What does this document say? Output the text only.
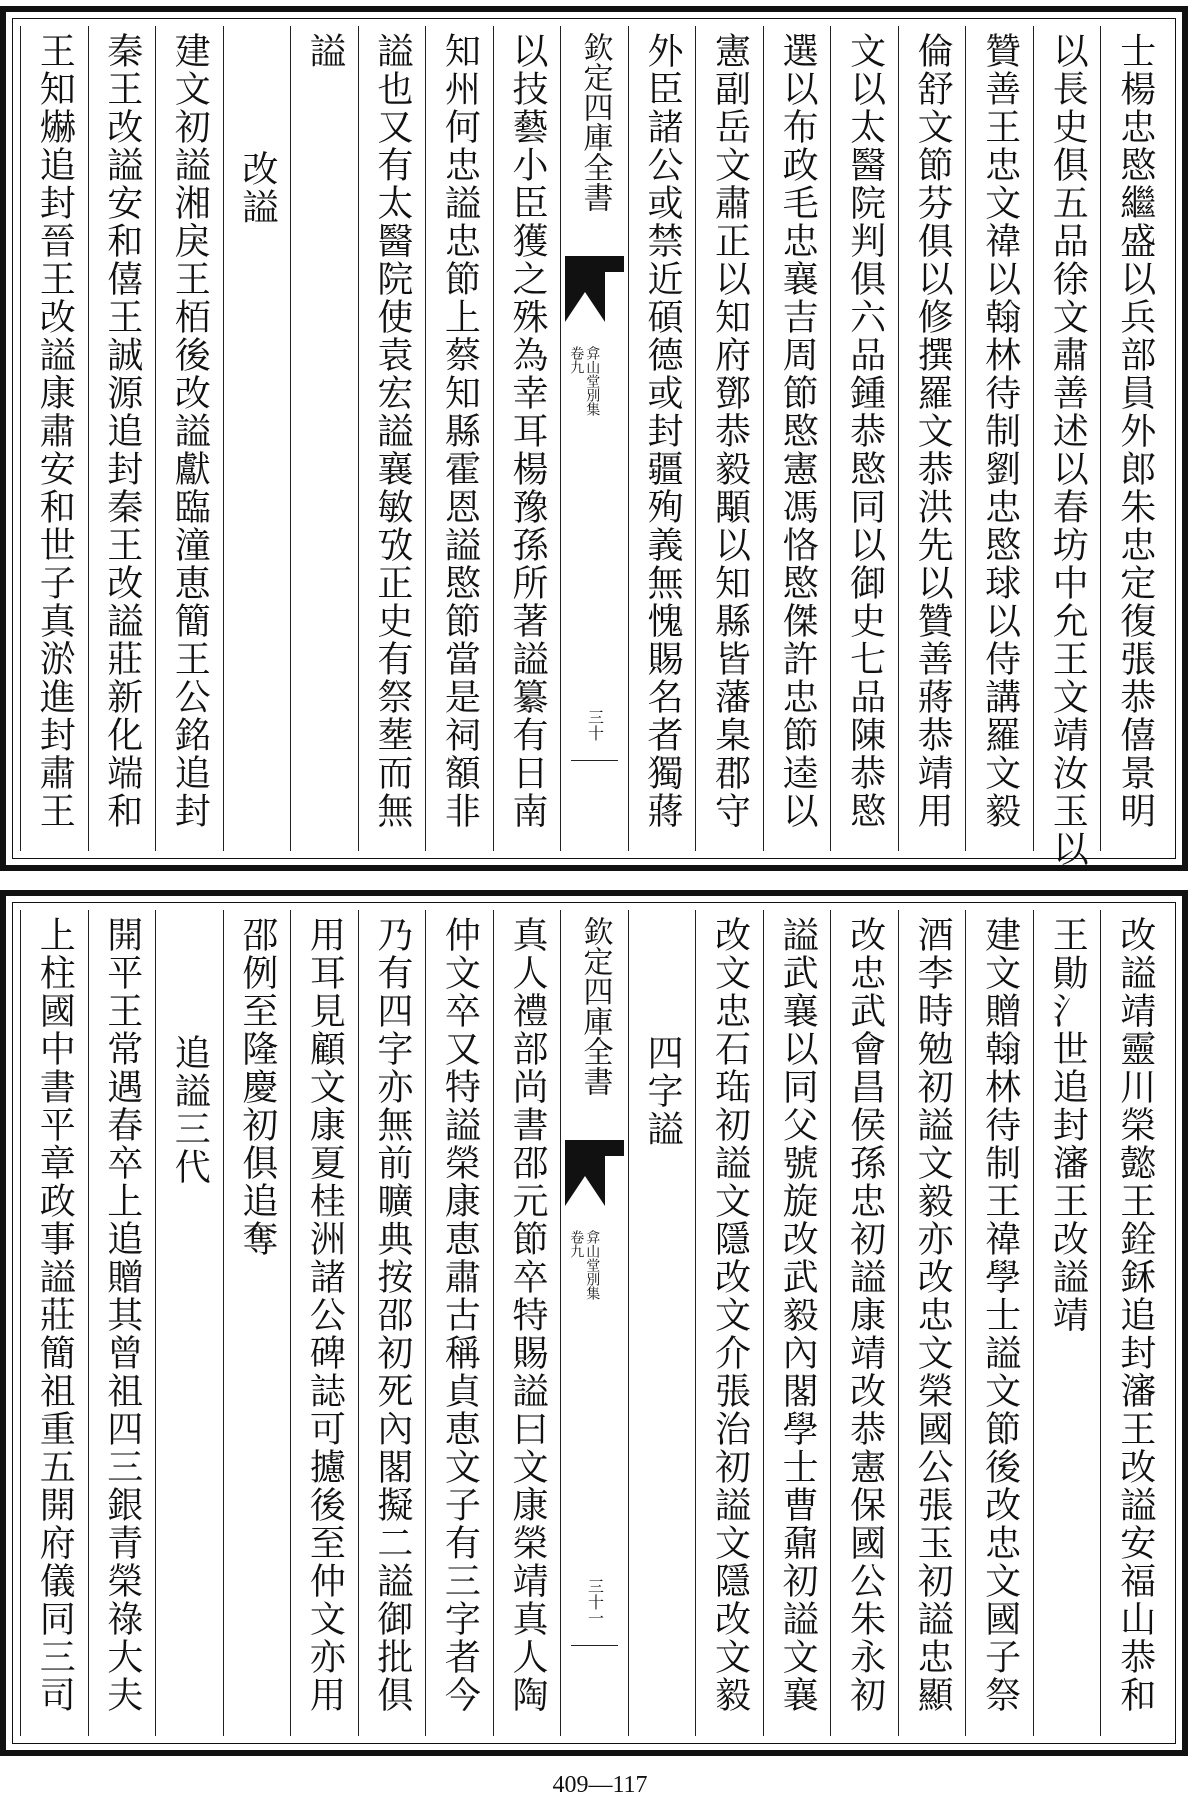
士楊忠愍繼盛以兵部員外郎朱忠定復張恭僖景明
以長史俱五品徐文肅善述以春坊中允王文靖汝玉以
贊善王忠文禕以翰林待制劉忠愍球以侍講羅文毅
倫舒文節芬俱以修撰羅文恭洪先以贊善蔣恭靖用
文以太醫院判俱六品鍾恭愍同以御史七品陳恭愍
選以布政毛忠襄吉周節愍憲馮恪愍傑許忠節逵以
憲副岳文肅正以知府鄧恭毅顒以知縣皆藩臬郡守
外臣諸公或禁近碩德或封疆殉義無愧賜名者獨蔣
欽定四庫全書
弇山堂別集
卷九
三十
以技藝小臣獲之殊為幸耳楊豫孫所著謚纂有日南
知州何忠謚忠節上蔡知縣霍恩謚愍節當是祠額非
謚也又有太醫院使袁宏謚襄敏攷正史有祭塟而無
謚
改謚
建文初謚湘戾王栢後改謚獻臨潼恵簡王公銘追封
秦王改謚安和僖王誠源追封秦王改謚莊新化端和
王知爀追封晉王改謚康肅安和世子真淤進封肅王
改謚靖靈川榮懿王銓鉌追封瀋王改謚安福山恭和
王勛氵世追封瀋王改謚靖
建文贈翰林待制王禕學士謚文節後改忠文國子祭
酒李時勉初謚文毅亦改忠文榮國公張玉初謚忠顯
改忠武會昌侯孫忠初謚康靖改恭憲保國公朱永初
謚武襄以同父號旋改武毅內閣學士曹鼐初謚文襄
改文忠石珤初謚文隱改文介張治初謚文隱改文毅
四字謚
欽定四庫全書
弇山堂別集
卷九
三十一
真人禮部尚書邵元節卒特賜謚曰文康榮靖真人陶
仲文卒又特謚榮康恵肅古稱貞恵文子有三字者今
乃有四字亦無前曠典按邵初死內閣擬二謚御批俱
用耳見顧文康夏桂洲諸公碑誌可攄後至仲文亦用
邵例至隆慶初俱追奪
追謚三代
開平王常遇春卒上追贈其曾祖四三銀青榮祿大夫
上柱國中書平章政事謚莊簡祖重五開府儀同三司
409—117
